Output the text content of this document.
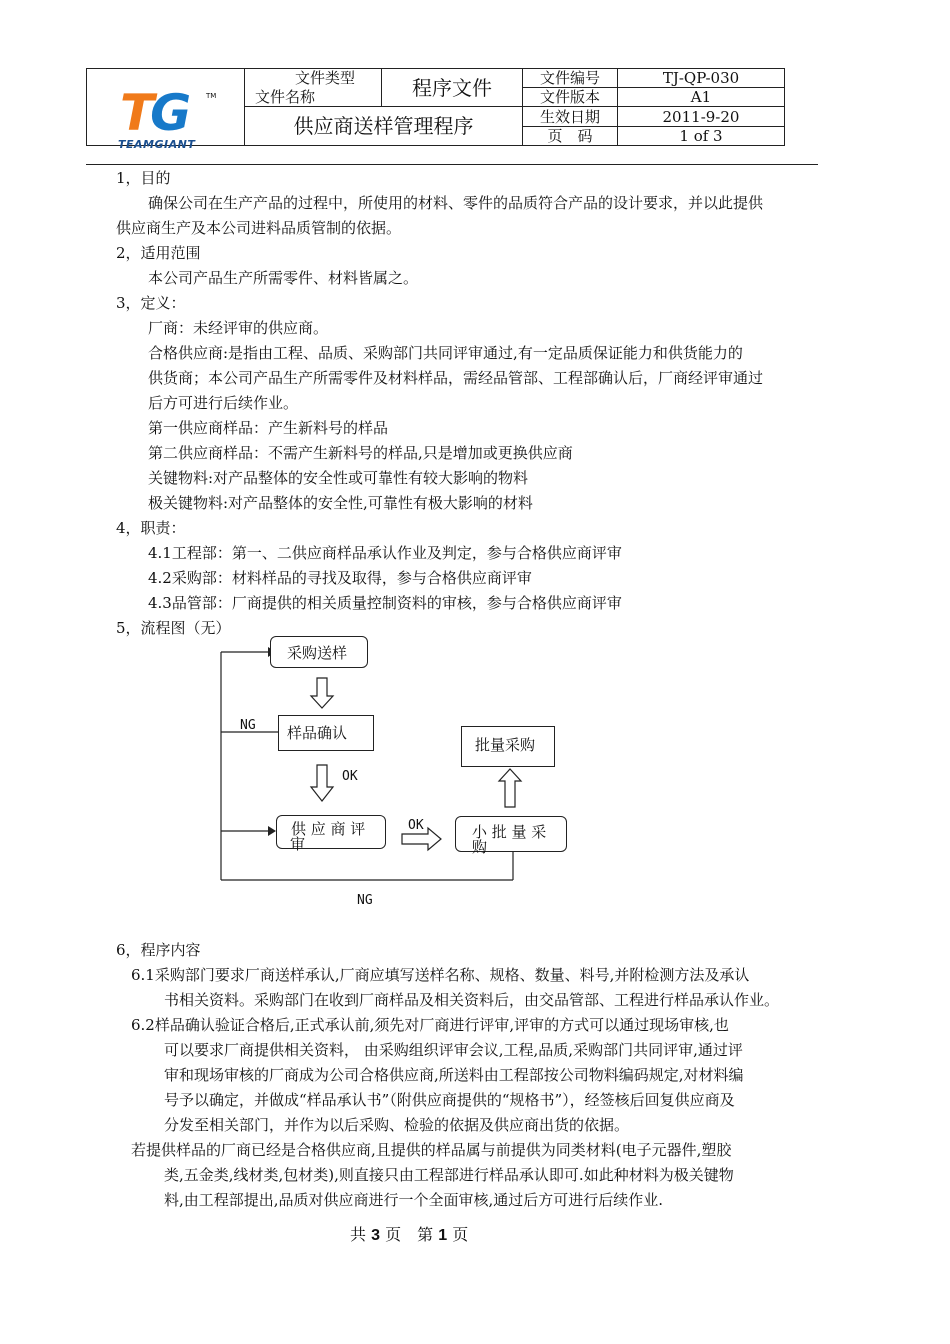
	文件类型	程序文件	文件编号	TJ-QP-030
	文件名称		文件版本	A1
	供应商送样管理程序		生效日期	2011-9-20
			页　码	1 of 3
TG	TM
TEAMGIANT
1，目的
确保公司在生产产品的过程中，所使用的材料、零件的品质符合产品的设计要求，并以此提供
供应商生产及本公司进料品质管制的依据。
2，适用范围
本公司产品生产所需零件、材料皆属之。
3，定义：
厂商：未经评审的供应商。
合格供应商:是指由工程、品质、采购部门共同评审通过,有一定品质保证能力和供货能力的
供货商；本公司产品生产所需零件及材料样品，需经品管部、工程部确认后，厂商经评审通过
后方可进行后续作业。
第一供应商样品：产生新料号的样品
第二供应商样品：不需产生新料号的样品,只是增加或更换供应商
关键物料:对产品整体的安全性或可靠性有较大影响的物料
极关键物料:对产品整体的安全性,可靠性有极大影响的材料
4，职责：
4.1工程部：第一、二供应商样品承认作业及判定，参与合格供应商评审
4.2采购部：材料样品的寻找及取得，参与合格供应商评审
4.3品管部：厂商提供的相关质量控制资料的审核，参与合格供应商评审
5，流程图（无）
采购送样
样品确认
供 应 商 评
审
小 批 量 采
购
批量采购
NG
OK
OK
NG
6，程序内容
6.1采购部门要求厂商送样承认,厂商应填写送样名称、规格、数量、料号,并附检测方法及承认
书相关资料。采购部门在收到厂商样品及相关资料后，由交品管部、工程进行样品承认作业。
6.2样品确认验证合格后,正式承认前,须先对厂商进行评审,评审的方式可以通过现场审核,也
可以要求厂商提供相关资料， 由采购组织评审会议,工程,品质,采购部门共同评审,通过评
审和现场审核的厂商成为公司合格供应商,所送料由工程部按公司物料编码规定,对材料编
号予以确定，并做成“样品承认书”（附供应商提供的“规格书”），经签核后回复供应商及
分发至相关部门，并作为以后采购、检验的依据及供应商出货的依据。
若提供样品的厂商已经是合格供应商,且提供的样品属与前提供为同类材料(电子元器件,塑胶
类,五金类,线材类,包材类),则直接只由工程部进行样品承认即可.如此种材料为极关键物
料,由工程部提出,品质对供应商进行一个全面审核,通过后方可进行后续作业.
共 3 页　第 1 页
